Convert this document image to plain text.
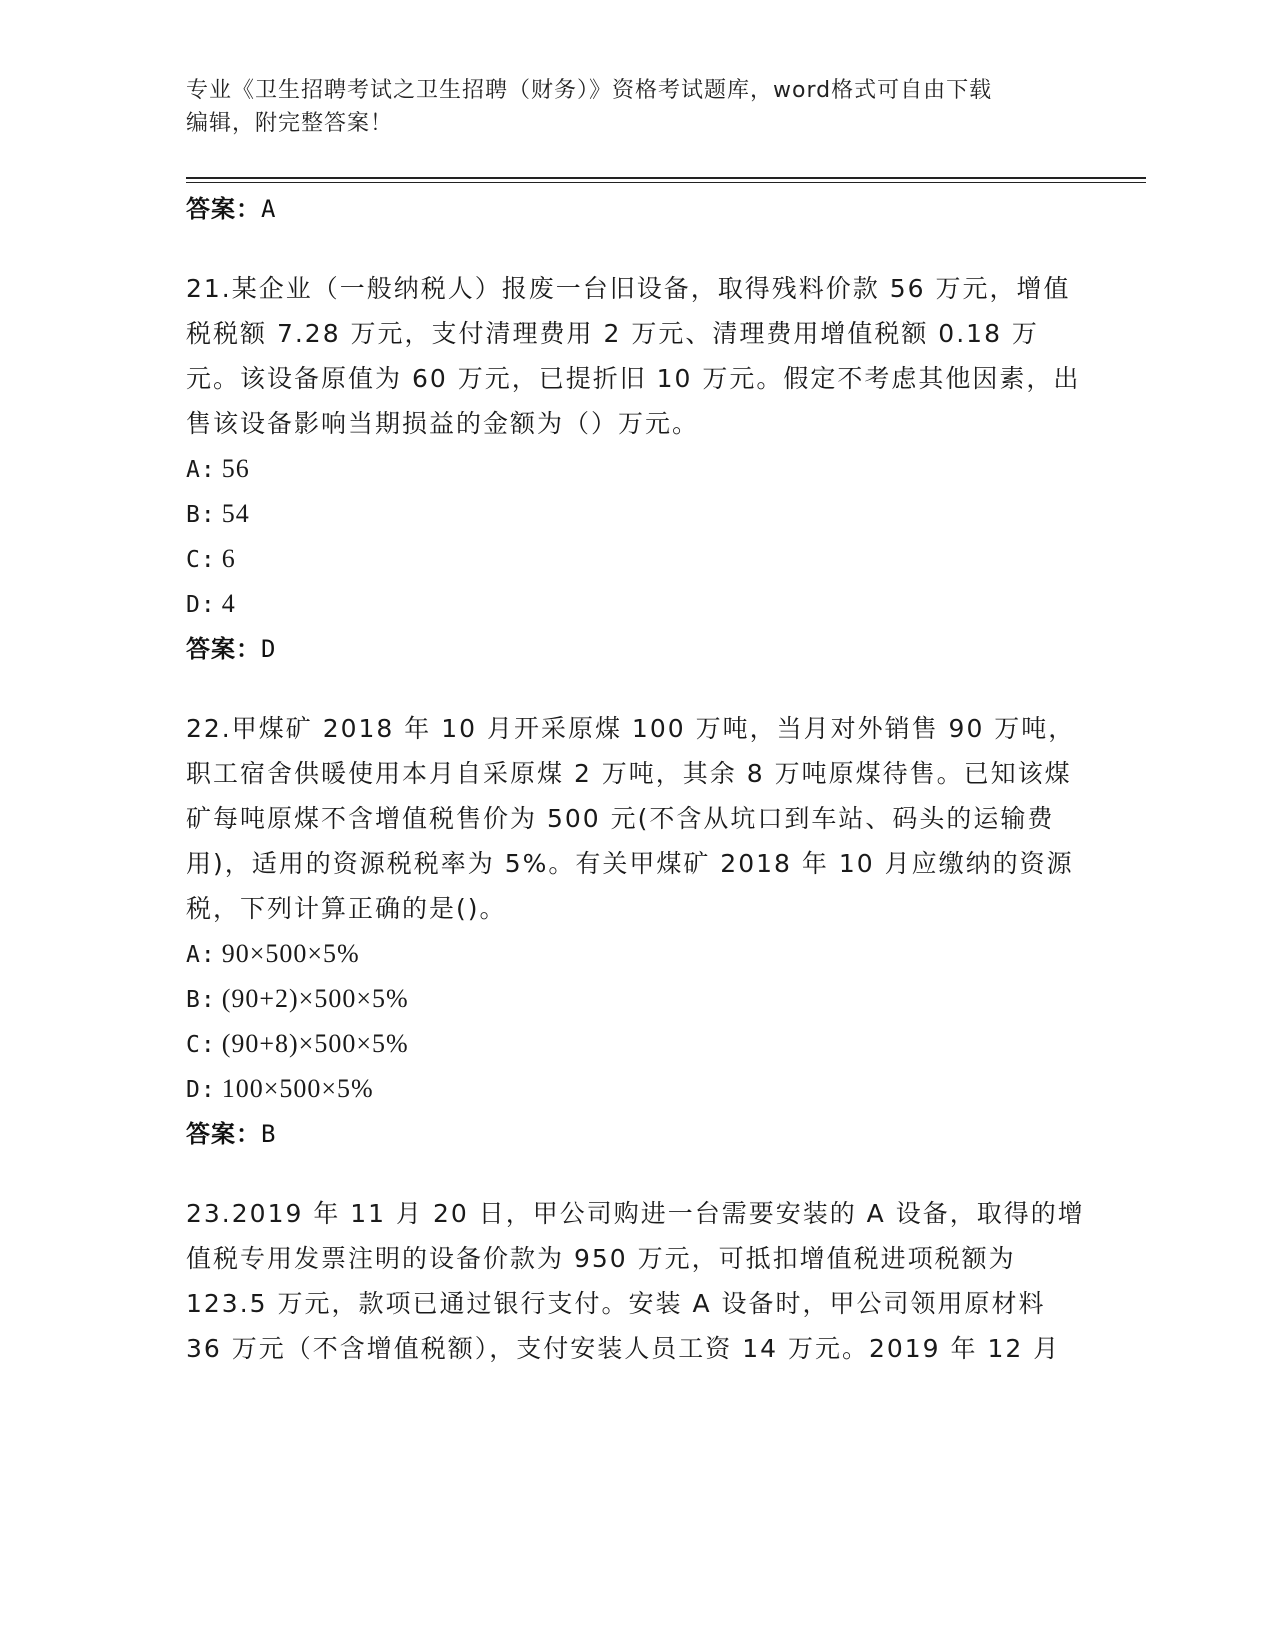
专业《卫生招聘考试之卫生招聘（财务）》资格考试题库，word格式可自由下载
编辑，附完整答案！
答案：A
21.某企业（一般纳税人）报废一台旧设备，取得残料价款 56 万元，增值税税额 7.28 万元，支付清理费用 2 万元、清理费用增值税额 0.18 万元。该设备原值为 60 万元，已提折旧 10 万元。假定不考虑其他因素，出售该设备影响当期损益的金额为（）万元。
A: 56
B: 54
C: 6
D: 4
答案：D
22.甲煤矿 2018 年 10 月开采原煤 100 万吨，当月对外销售 90 万吨，职工宿舍供暖使用本月自采原煤 2 万吨，其余 8 万吨原煤待售。已知该煤矿每吨原煤不含增值税售价为 500 元(不含从坑口到车站、码头的运输费用)，适用的资源税税率为 5%。有关甲煤矿 2018 年 10 月应缴纳的资源税，下列计算正确的是()。
A: 90×500×5%
B: (90+2)×500×5%
C: (90+8)×500×5%
D: 100×500×5%
答案：B
23.2019 年 11 月 20 日，甲公司购进一台需要安装的 A 设备，取得的增值税专用发票注明的设备价款为 950 万元，可抵扣增值税进项税额为 123.5 万元，款项已通过银行支付。安装 A 设备时，甲公司领用原材料 36 万元（不含增值税额），支付安装人员工资 14 万元。2019 年 12 月
